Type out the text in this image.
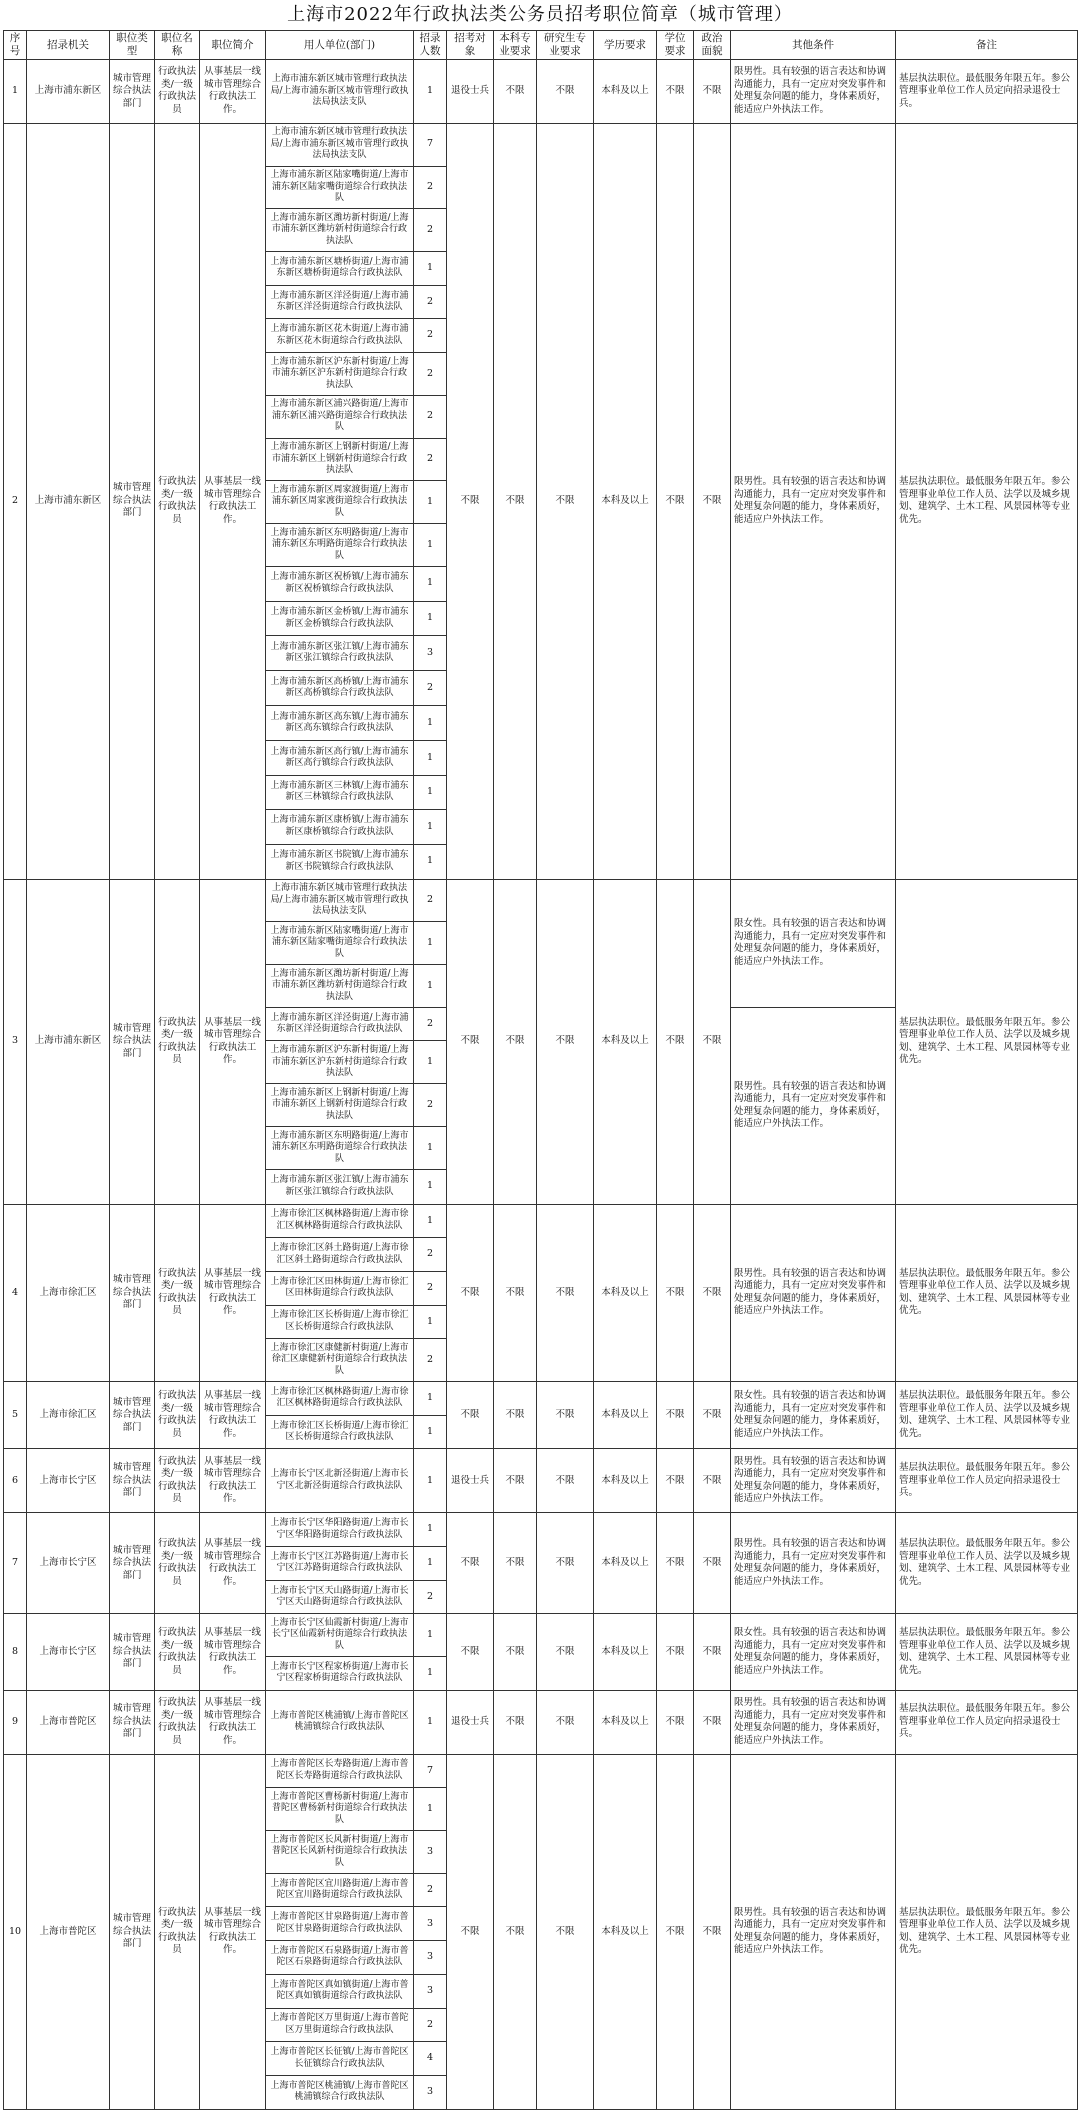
上海市2022年行政执法类公务员招考职位简章（城市管理）
序号	招录机关	职位类型	职位名称	职位简介	用人单位(部门)	招录人数	招考对象	本科专业要求	研究生专业要求	学历要求	学位要求	政治面貌	其他条件	备注
1	上海市浦东新区	城市管理综合执法部门	行政执法类/一级行政执法员	从事基层一线城市管理综合行政执法工作。	上海市浦东新区城市管理行政执法局/上海市浦东新区城市管理行政执法局执法支队	1	退役士兵	不限	不限	本科及以上	不限	不限	限男性。具有较强的语言表达和协调沟通能力，具有一定应对突发事件和处理复杂问题的能力，身体素质好，能适应户外执法工作。	基层执法职位。最低服务年限五年。参公管理事业单位工作人员定向招录退役士兵。
2	上海市浦东新区	城市管理综合执法部门	行政执法类/一级行政执法员	从事基层一线城市管理综合行政执法工作。	上海市浦东新区城市管理行政执法局/上海市浦东新区城市管理行政执法局执法支队	7	不限	不限	不限	本科及以上	不限	不限	限男性。具有较强的语言表达和协调沟通能力，具有一定应对突发事件和处理复杂问题的能力，身体素质好，能适应户外执法工作。	基层执法职位。最低服务年限五年。参公管理事业单位工作人员、法学以及城乡规划、建筑学、土木工程、风景园林等专业优先。
					上海市浦东新区陆家嘴街道/上海市浦东新区陆家嘴街道综合行政执法队	2								
					上海市浦东新区潍坊新村街道/上海市浦东新区潍坊新村街道综合行政执法队	2								
					上海市浦东新区塘桥街道/上海市浦东新区塘桥街道综合行政执法队	1								
					上海市浦东新区洋泾街道/上海市浦东新区洋泾街道综合行政执法队	2								
					上海市浦东新区花木街道/上海市浦东新区花木街道综合行政执法队	2								
					上海市浦东新区沪东新村街道/上海市浦东新区沪东新村街道综合行政执法队	2								
					上海市浦东新区浦兴路街道/上海市浦东新区浦兴路街道综合行政执法队	2								
					上海市浦东新区上钢新村街道/上海市浦东新区上钢新村街道综合行政执法队	2								
					上海市浦东新区周家渡街道/上海市浦东新区周家渡街道综合行政执法队	1								
					上海市浦东新区东明路街道/上海市浦东新区东明路街道综合行政执法队	1								
					上海市浦东新区祝桥镇/上海市浦东新区祝桥镇综合行政执法队	1								
					上海市浦东新区金桥镇/上海市浦东新区金桥镇综合行政执法队	1								
					上海市浦东新区张江镇/上海市浦东新区张江镇综合行政执法队	3								
					上海市浦东新区高桥镇/上海市浦东新区高桥镇综合行政执法队	2								
					上海市浦东新区高东镇/上海市浦东新区高东镇综合行政执法队	1								
					上海市浦东新区高行镇/上海市浦东新区高行镇综合行政执法队	1								
					上海市浦东新区三林镇/上海市浦东新区三林镇综合行政执法队	1								
					上海市浦东新区康桥镇/上海市浦东新区康桥镇综合行政执法队	1								
					上海市浦东新区书院镇/上海市浦东新区书院镇综合行政执法队	1								
3	上海市浦东新区	城市管理综合执法部门	行政执法类/一级行政执法员	从事基层一线城市管理综合行政执法工作。	上海市浦东新区城市管理行政执法局/上海市浦东新区城市管理行政执法局执法支队	2	不限	不限	不限	本科及以上	不限	不限	限女性。具有较强的语言表达和协调沟通能力，具有一定应对突发事件和处理复杂问题的能力，身体素质好，能适应户外执法工作。	基层执法职位。最低服务年限五年。参公管理事业单位工作人员、法学以及城乡规划、建筑学、土木工程、风景园林等专业优先。
					上海市浦东新区陆家嘴街道/上海市浦东新区陆家嘴街道综合行政执法队	1								
					上海市浦东新区潍坊新村街道/上海市浦东新区潍坊新村街道综合行政执法队	1								
					上海市浦东新区洋泾街道/上海市浦东新区洋泾街道综合行政执法队	2							限男性。具有较强的语言表达和协调沟通能力，具有一定应对突发事件和处理复杂问题的能力，身体素质好，能适应户外执法工作。	
					上海市浦东新区沪东新村街道/上海市浦东新区沪东新村街道综合行政执法队	1								
					上海市浦东新区上钢新村街道/上海市浦东新区上钢新村街道综合行政执法队	2								
					上海市浦东新区东明路街道/上海市浦东新区东明路街道综合行政执法队	1								
					上海市浦东新区张江镇/上海市浦东新区张江镇综合行政执法队	1								
4	上海市徐汇区	城市管理综合执法部门	行政执法类/一级行政执法员	从事基层一线城市管理综合行政执法工作。	上海市徐汇区枫林路街道/上海市徐汇区枫林路街道综合行政执法队	1	不限	不限	不限	本科及以上	不限	不限	限男性。具有较强的语言表达和协调沟通能力，具有一定应对突发事件和处理复杂问题的能力，身体素质好，能适应户外执法工作。	基层执法职位。最低服务年限五年。参公管理事业单位工作人员、法学以及城乡规划、建筑学、土木工程、风景园林等专业优先。
					上海市徐汇区斜土路街道/上海市徐汇区斜土路街道综合行政执法队	2								
					上海市徐汇区田林街道/上海市徐汇区田林街道综合行政执法队	2								
					上海市徐汇区长桥街道/上海市徐汇区长桥街道综合行政执法队	1								
					上海市徐汇区康健新村街道/上海市徐汇区康健新村街道综合行政执法队	2								
5	上海市徐汇区	城市管理综合执法部门	行政执法类/一级行政执法员	从事基层一线城市管理综合行政执法工作。	上海市徐汇区枫林路街道/上海市徐汇区枫林路街道综合行政执法队	1	不限	不限	不限	本科及以上	不限	不限	限女性。具有较强的语言表达和协调沟通能力，具有一定应对突发事件和处理复杂问题的能力，身体素质好，能适应户外执法工作。	基层执法职位。最低服务年限五年。参公管理事业单位工作人员、法学以及城乡规划、建筑学、土木工程、风景园林等专业优先。
					上海市徐汇区长桥街道/上海市徐汇区长桥街道综合行政执法队	1								
6	上海市长宁区	城市管理综合执法部门	行政执法类/一级行政执法员	从事基层一线城市管理综合行政执法工作。	上海市长宁区北新泾街道/上海市长宁区北新泾街道综合行政执法队	1	退役士兵	不限	不限	本科及以上	不限	不限	限男性。具有较强的语言表达和协调沟通能力，具有一定应对突发事件和处理复杂问题的能力，身体素质好，能适应户外执法工作。	基层执法职位。最低服务年限五年。参公管理事业单位工作人员定向招录退役士兵。
7	上海市长宁区	城市管理综合执法部门	行政执法类/一级行政执法员	从事基层一线城市管理综合行政执法工作。	上海市长宁区华阳路街道/上海市长宁区华阳路街道综合行政执法队	1	不限	不限	不限	本科及以上	不限	不限	限男性。具有较强的语言表达和协调沟通能力，具有一定应对突发事件和处理复杂问题的能力，身体素质好，能适应户外执法工作。	基层执法职位。最低服务年限五年。参公管理事业单位工作人员、法学以及城乡规划、建筑学、土木工程、风景园林等专业优先。
					上海市长宁区江苏路街道/上海市长宁区江苏路街道综合行政执法队	1								
					上海市长宁区天山路街道/上海市长宁区天山路街道综合行政执法队	2								
8	上海市长宁区	城市管理综合执法部门	行政执法类/一级行政执法员	从事基层一线城市管理综合行政执法工作。	上海市长宁区仙霞新村街道/上海市长宁区仙霞新村街道综合行政执法队	1	不限	不限	不限	本科及以上	不限	不限	限女性。具有较强的语言表达和协调沟通能力，具有一定应对突发事件和处理复杂问题的能力，身体素质好，能适应户外执法工作。	基层执法职位。最低服务年限五年。参公管理事业单位工作人员、法学以及城乡规划、建筑学、土木工程、风景园林等专业优先。
					上海市长宁区程家桥街道/上海市长宁区程家桥街道综合行政执法队	1								
9	上海市普陀区	城市管理综合执法部门	行政执法类/一级行政执法员	从事基层一线城市管理综合行政执法工作。	上海市普陀区桃浦镇/上海市普陀区桃浦镇综合行政执法队	1	退役士兵	不限	不限	本科及以上	不限	不限	限男性。具有较强的语言表达和协调沟通能力，具有一定应对突发事件和处理复杂问题的能力，身体素质好，能适应户外执法工作。	基层执法职位。最低服务年限五年。参公管理事业单位工作人员定向招录退役士兵。
10	上海市普陀区	城市管理综合执法部门	行政执法类/一级行政执法员	从事基层一线城市管理综合行政执法工作。	上海市普陀区长寿路街道/上海市普陀区长寿路街道综合行政执法队	7	不限	不限	不限	本科及以上	不限	不限	限男性。具有较强的语言表达和协调沟通能力，具有一定应对突发事件和处理复杂问题的能力，身体素质好，能适应户外执法工作。	基层执法职位。最低服务年限五年。参公管理事业单位工作人员、法学以及城乡规划、建筑学、土木工程、风景园林等专业优先。
					上海市普陀区曹杨新村街道/上海市普陀区曹杨新村街道综合行政执法队	1								
					上海市普陀区长风新村街道/上海市普陀区长风新村街道综合行政执法队	3								
					上海市普陀区宜川路街道/上海市普陀区宜川路街道综合行政执法队	2								
					上海市普陀区甘泉路街道/上海市普陀区甘泉路街道综合行政执法队	3								
					上海市普陀区石泉路街道/上海市普陀区石泉路街道综合行政执法队	3								
					上海市普陀区真如镇街道/上海市普陀区真如镇街道综合行政执法队	3								
					上海市普陀区万里街道/上海市普陀区万里街道综合行政执法队	2								
					上海市普陀区长征镇/上海市普陀区长征镇综合行政执法队	4								
					上海市普陀区桃浦镇/上海市普陀区桃浦镇综合行政执法队	3								
